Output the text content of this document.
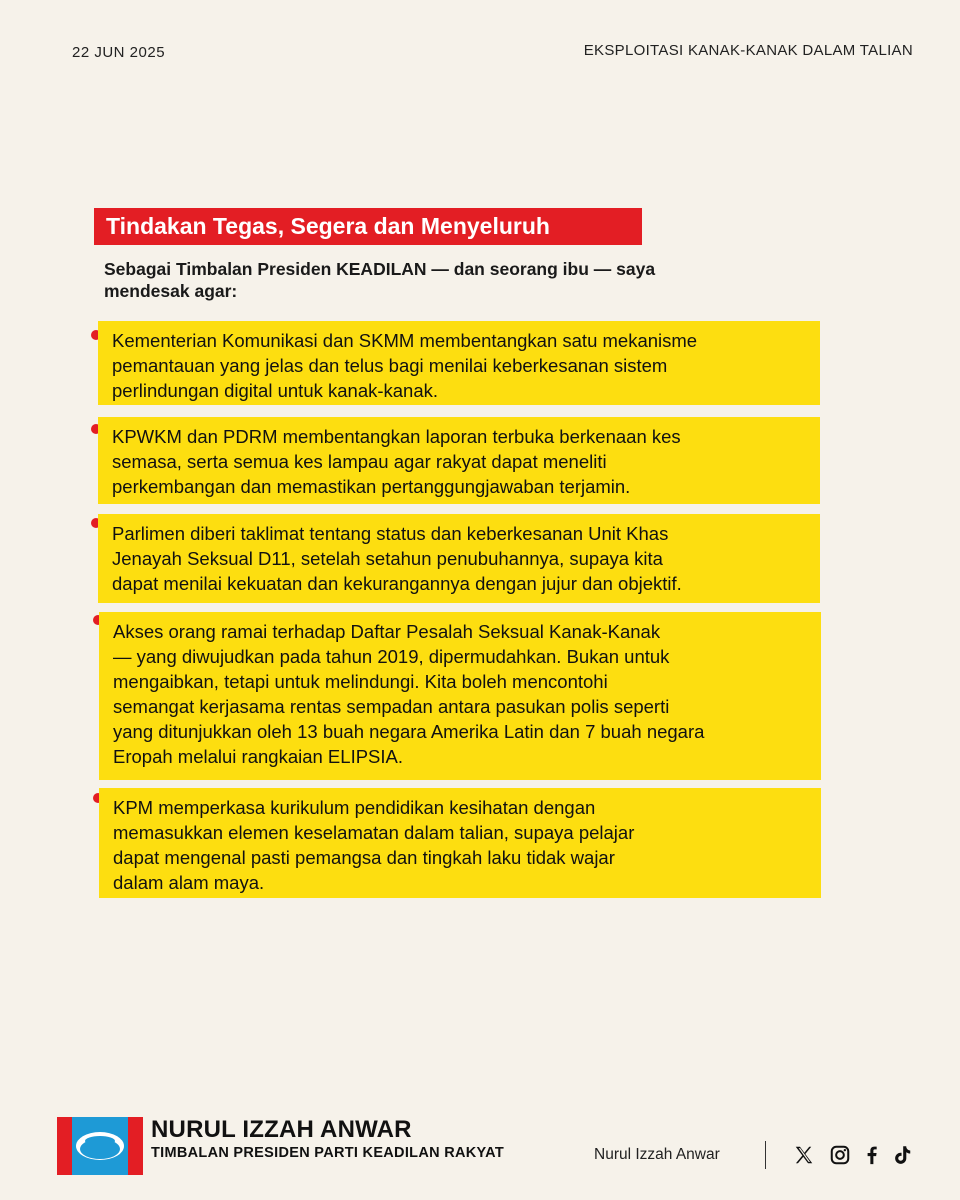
22 JUN 2025	EKSPLOITASI KANAK-KANAK DALAM TALIAN
Tindakan Tegas, Segera dan Menyeluruh
Sebagai Timbalan Presiden KEADILAN — dan seorang ibu — saya mendesak agar:
Kementerian Komunikasi dan SKMM membentangkan satu mekanisme
pemantauan yang jelas dan telus bagi menilai keberkesanan sistem
perlindungan digital untuk kanak-kanak.
KPWKM dan PDRM membentangkan laporan terbuka berkenaan kes
semasa, serta semua kes lampau agar rakyat dapat meneliti
perkembangan dan memastikan pertanggungjawaban terjamin.
Parlimen diberi taklimat tentang status dan keberkesanan Unit Khas
Jenayah Seksual D11, setelah setahun penubuhannya, supaya kita
dapat menilai kekuatan dan kekurangannya dengan jujur dan objektif.
Akses orang ramai terhadap Daftar Pesalah Seksual Kanak-Kanak
— yang diwujudkan pada tahun 2019, dipermudahkan. Bukan untuk
mengaibkan, tetapi untuk melindungi. Kita boleh mencontohi
semangat kerjasama rentas sempadan antara pasukan polis seperti
yang ditunjukkan oleh 13 buah negara Amerika Latin dan 7 buah negara
Eropah melalui rangkaian ELIPSIA.
KPM memperkasa kurikulum pendidikan kesihatan dengan
memasukkan elemen keselamatan dalam talian, supaya pelajar
dapat mengenal pasti pemangsa dan tingkah laku tidak wajar
dalam alam maya.
NURUL IZZAH ANWAR
TIMBALAN PRESIDEN PARTI KEADILAN RAKYAT	Nurul Izzah Anwar
